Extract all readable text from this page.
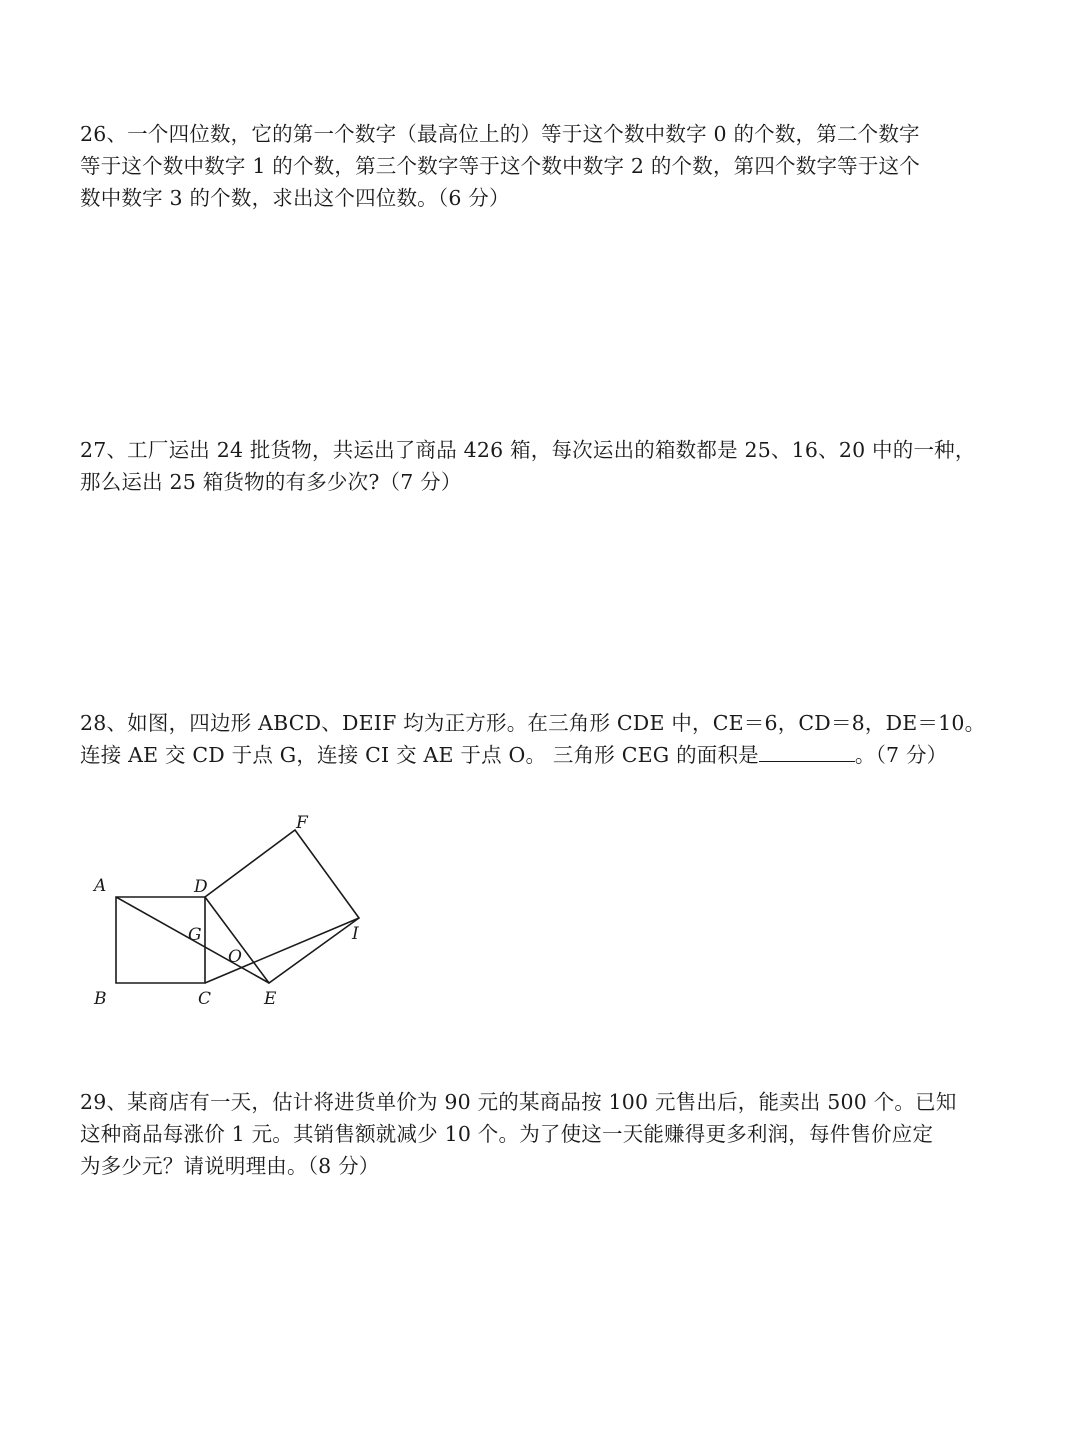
26、一个四位数，它的第一个数字（最高位上的）等于这个数中数字 0 的个数，第二个数字
等于这个数中数字 1 的个数，第三个数字等于这个数中数字 2 的个数，第四个数字等于这个
数中数字 3 的个数，求出这个四位数。（6 分）
27、工厂运出 24 批货物，共运出了商品 426 箱，每次运出的箱数都是 25、16、20 中的一种，
那么运出 25 箱货物的有多少次?（7 分）
28、如图，四边形 ABCD、DEIF 均为正方形。在三角形 CDE 中，CE＝6，CD＝8，DE＝10。
连接 AE 交 CD 于点 G，连接 CI 交 AE 于点 O。 三角形 CEG 的面积是	。（7 分）
A
B	C
D
E
F
G	I
O
29、某商店有一天，估计将进货单价为 90 元的某商品按 100 元售出后，能卖出 500 个。已知
这种商品每涨价 1 元。其销售额就减少 10 个。为了使这一天能赚得更多利润，每件售价应定
为多少元？请说明理由。（8 分）
